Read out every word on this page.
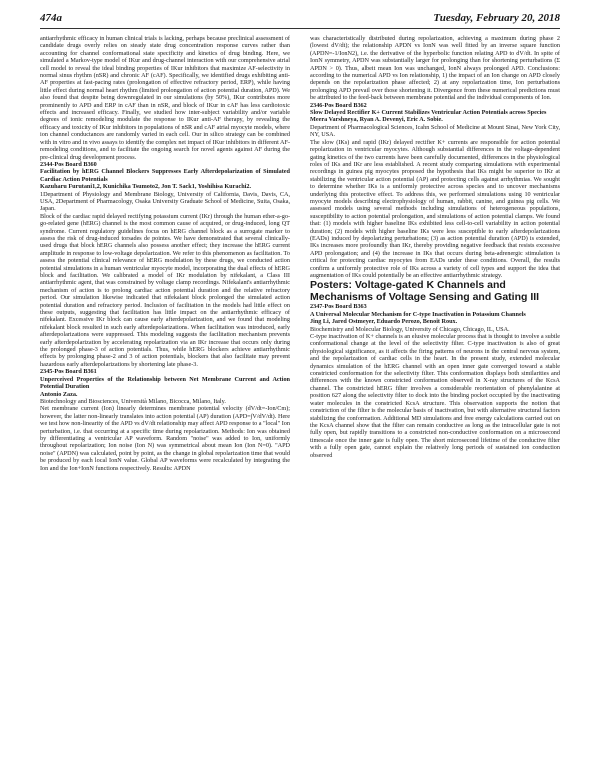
474a	Tuesday, February 20, 2018

antiarrhythmic efficacy in human clinical trials is lacking, perhaps because preclinical assessment of candidate drugs overly relies on steady state drug concentration response curves rather than accounting for channel conformational state specificity and kinetics of drug binding. Here, we simulated a Markov-type model of IKur and drug-channel interaction with our comprehensive atrial cell model to reveal the ideal binding properties of IKur inhibitors that maximize AF-selectivity in normal sinus rhythm (nSR) and chronic AF (cAF). Specifically, we identified drugs exhibiting anti-AF properties at fast-pacing rates (prolongation of effective refractory period, ERP), while having little effect during normal heart rhythm (limited prolongation of action potential duration, APD). We also found that despite being downregulated in our simulations (by 50%), IKur contributes more prominently to APD and ERP in cAF than in nSR, and block of IKur in cAF has less cardiotoxic effects and increased efficacy. Finally, we studied how inter-subject variability and/or variable degrees of ionic remodeling modulate the response to IKur anti-AF therapy, by revealing the efficacy and toxicity of IKur inhibitors in populations of nSR and cAF atrial myocyte models, where ion channel conductances are randomly varied in each cell. Our in silico strategy can be combined with in vitro and in vivo assays to identify the complex net impact of IKur inhibitors in different AF-remodeling conditions, and to facilitate the ongoing search for novel agents against AF during the pre-clinical drug development process.

2344-Pos Board B360

Facilitation by hERG Channel Blockers Suppresses Early Afterdepolarization of Simulated Cardiac Action Potentials

Kazuharu Furutani1,2, Kunichika Tsumoto2, Jon T. Sack1, Yoshihisa Kurachi2.

1Department of Physiology and Membrane Biology, University of California, Davis, Davis, CA, USA, 2Department of Pharmacology, Osaka University Graduate School of Medicine, Suita, Osaka, Japan.

Block of the cardiac rapid delayed rectifying potassium current (IKr) through the human ether-a-go-go-related gene (hERG) channel is the most common cause of acquired, or drug-induced, long QT syndrome. Current regulatory guidelines focus on hERG channel block as a surrogate marker to assess the risk of drug-induced torsades de pointes. We have demonstrated that several clinically-used drugs that block hERG channels also possess another effect; they increase the hERG current amplitude in response to low-voltage depolarization. We refer to this phenomenon as facilitation. To assess the potential clinical relevance of hERG modulation by these drugs, we conducted action potential simulations in a human ventricular myocyte model, incorporating the dual effects of hERG block and facilitation. We calibrated a model of IKr modulation by nifekalant, a Class III antiarrhythmic agent, that was constrained by voltage clamp recordings. Nifekalant's antiarrhythmic mechanism of action is to prolong cardiac action potential duration and the relative refractory period. Our simulation likewise indicated that nifekalant block prolonged the simulated action potential duration and refractory period. Inclusion of facilitation in the models had little effect on these outputs, suggesting that facilitation has little impact on the antiarrhythmic efficacy of nifekalant. Excessive IKr block can cause early afterdepolarization, and we found that modeling nifekalant block resulted in such early afterdepolarizations. When facilitation was introduced, early afterdepolarizations were suppressed. This modeling suggests the facilitation mechanism prevents early afterdepolarization by accelerating repolarization via an IKr increase that occurs only during the prolonged phase-3 of action potentials. Thus, while hERG blockers achieve antiarrhythmic effects by prolonging phase-2 and 3 of action potentials, blockers that also facilitate may prevent hazardous early afterdepolarizations by shortening late phase-3.

2345-Pos Board B361

Unperceived Properties of the Relationship between Net Membrane Current and Action Potential Duration

Antonio Zaza.

Biotechnology and Biosciences, Università Milano, Bicocca, Milano, Italy.

Net membrane current (Ion) linearly determines membrane potential velocity (dV/dt=-Ion/Cm); however, the latter non-linearly translates into action potential (AP) duration (APD=∫V/dV/dt). Here we test how non-linearity of the APD vs dV/dt relationship may affect APD response to a "local" Ion perturbation, i.e. that occurring at a specific time during repolarization. Methods: Ion was obtained by differentiating a ventricular AP waveform. Random "noise" was added to Ion, uniformly throughout repolarization; Ion noise (Ion N) was symmetrical about mean Ion (Ion N=0). "APD noise" (APDN) was calculated, point by point, as the change in global repolarization time that would be produced by each local IonN value. Global AP waveforms were recalculated by integrating the Ion and the Ion+IonN functions respectively. Results: APDN

was characteristically distributed during repolarization, achieving a maximum during phase 2 (lowest dV/dt); the relationship APDN vs IonN was well fitted by an inverse square function (APDN=-1/IonN2), i.e. the derivative of the hyperbolic function relating APD to dV/dt. In spite of IonN symmetry, APDN was substantially larger for prolonging than for shortening perturbations (Σ APDN > 0). Thus, albeit mean Ion was unchanged, IonN always prolonged APD. Conclusions: according to the numerical APD vs Ion relationship, 1) the impact of an Ion change on APD closely depends on the repolarization phase affected; 2) at any repolarization time, Ion perturbations prolonging APD prevail over those shortening it. Divergence from these numerical predictions must be attributed to the feed-back between membrane potential and the individual components of Ion.

2346-Pos Board B362

Slow Delayed Rectifier K+ Current Stabilizes Ventricular Action Potentials across Species

Meera Varshneya, Ryan A. Devenyi, Eric A. Sobie.

Department of Pharmacological Sciences, Icahn School of Medicine at Mount Sinai, New York City, NY, USA.

The slow (IKs) and rapid (IKr) delayed rectifier K+ currents are responsible for action potential repolarization in ventricular myocytes. Although substantial differences in the voltage-dependent gating kinetics of the two currents have been carefully documented, differences in the physiological roles of IKs and IKr are less established. A recent study comparing simulations with experimental recordings in guinea pig myocytes proposed the hypothesis that IKs might be superior to IKr at stabilizing the ventricular action potential (AP) and protecting cells against arrhythmias. We sought to determine whether IKs is a uniformly protective across species and to uncover mechanisms underlying this protective effect. To address this, we performed simulations using 10 ventricular myocyte models describing electrophysiology of human, rabbit, canine, and guinea pig cells. We assessed models using several methods including simulations of heterogeneous populations, susceptibility to action potential prolongation, and simulations of action potential clamps. We found that: (1) models with higher baseline IKs exhibited less cell-to-cell variability in action potential duration; (2) models with higher baseline IKs were less susceptible to early afterdepolarizations (EADs) induced by depolarizing perturbations; (3) as action potential duration (APD) is extended, IKs increases more profoundly than IKr, thereby providing negative feedback that resists excessive APD prolongation; and (4) the increase in IKs that occurs during beta-adrenergic stimulation is critical for protecting cardiac myocytes from EADs under these conditions. Overall, the results confirm a uniformly protective role of IKs across a variety of cell types and support the idea that augmentation of IKs could potentially be an effective antiarrhythmic strategy.

Posters: Voltage-gated K Channels and Mechanisms of Voltage Sensing and Gating III

2347-Pos Board B363

A Universal Molecular Mechanism for C-type Inactivation in Potassium Channels

Jing Li, Jared Ostmeyer, Eduardo Perozo, Benoit Roux.

Biochemistry and Molecular Biology, University of Chicago, Chicago, IL, USA.

C-type inactivation of K+ channels is an elusive molecular process that is thought to involve a subtle conformational change at the level of the selectivity filter. C-type inactivation is also of great physiological significance, as it affects the firing patterns of neurons in the central nervous system, and the repolarization of cardiac cells in the heart. In the present study, extended molecular dynamics simulation of the hERG channel with an open inner gate converged toward a stable constricted conformation for the selectivity filter. This conformation displays both similarities and differences with the known constricted conformation observed in X-ray structures of the KcsA channel. The constricted hERG filter involves a considerable reorientation of phenylalanine at position 627 along the selectivity filter to dock into the binding pocket occupied by the inactivating water molecules in the constricted KcsA structure. This observation supports the notion that constriction of the filter is the molecular basis of inactivation, but with alternative structural factors stabilizing the conformation. Additional MD simulations and free energy calculations carried out on the KcsA channel show that the filter can remain conductive as long as the intracellular gate is not fully open, but rapidly transitions to a constricted non-conductive conformation on a microsecond timescale once the inner gate is fully open. The short microsecond lifetime of the conductive filter with a fully open gate, cannot explain the relatively long periods of sustained ion conduction observed
